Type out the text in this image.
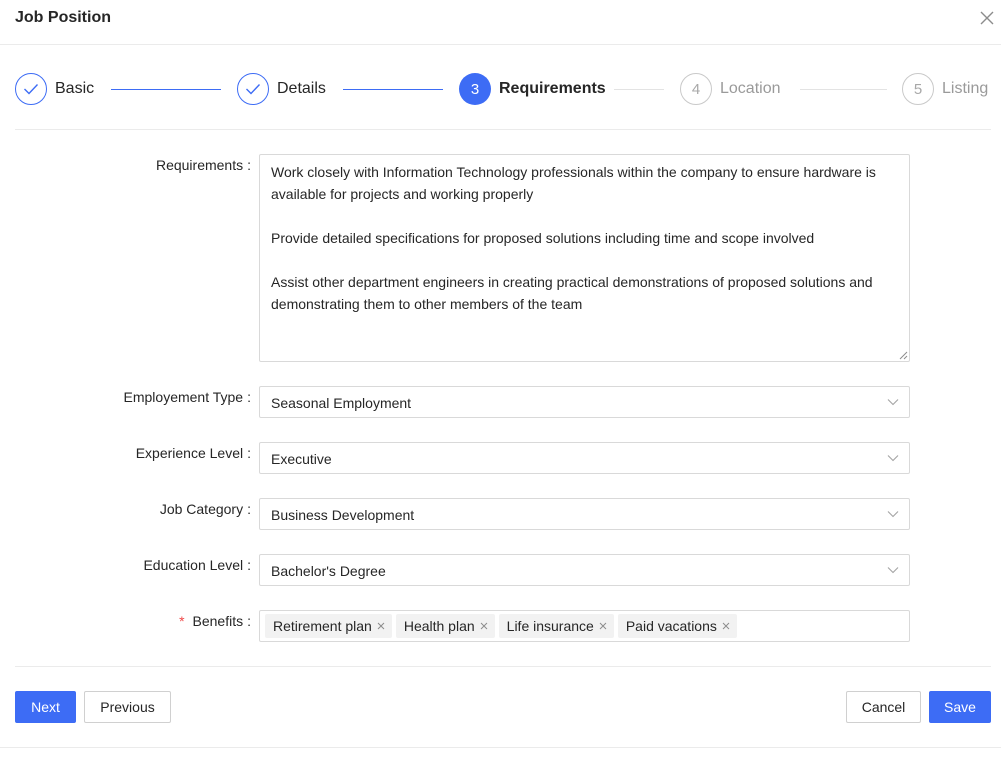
Job Position
Basic	Details	3	Requirements	4	Location	5	Listing
Requirements :	Work closely with Information Technology professionals within the company to ensure hardware is available for projects and working properly

Provide detailed specifications for proposed solutions including time and scope involved

Assist other department engineers in creating practical demonstrations of proposed solutions and demonstrating them to other members of the team
Employement Type : Seasonal Employment
Experience Level : Executive
Job Category : Business Development
Education Level : Bachelor's Degree
* Benefits : Retirement plan Health plan Life insurance Paid vacations
Next	Previous	Cancel	Save
